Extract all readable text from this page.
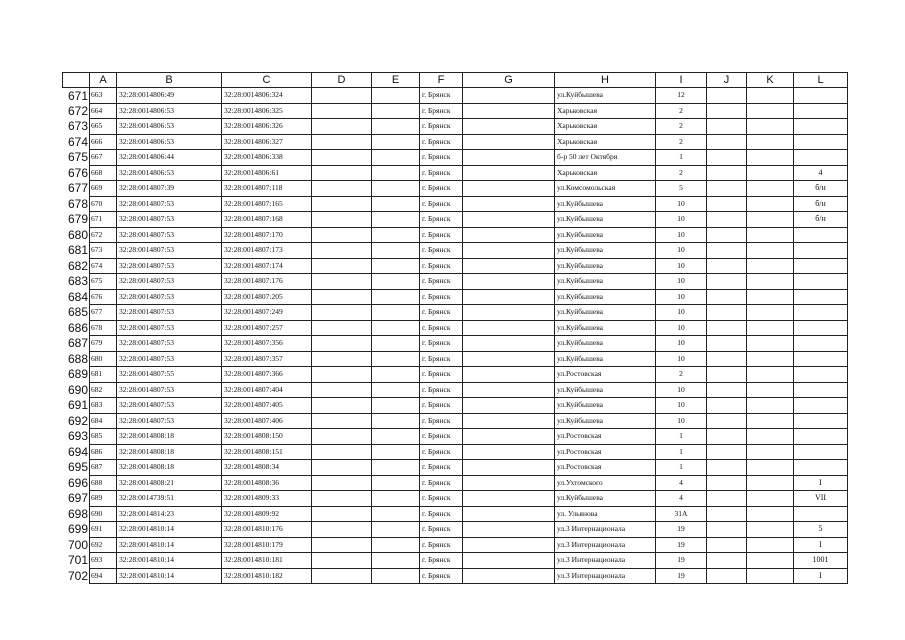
	A	B	C	D	E	F	G	H	I	J	K	L
671	663	32:28:0014806:49	32:28:0014806:324			г. Брянск		ул.Куйбышева	12			
672	664	32:28:0014806:53	32:28:0014806:325			г. Брянск		Харьковская	2			
673	665	32:28:0014806:53	32:28:0014806:326			г. Брянск		Харьковская	2			
674	666	32:28:0014806:53	32:28:0014806:327			г. Брянск		Харьковская	2			
675	667	32:28:0014806:44	32:28:0014806:338			г. Брянск		б-р 50 лет Октября	1			
676	668	32:28:0014806:53	32:28:0014806:61			г. Брянск		Харьковская	2			4
677	669	32:28:0014807:39	32:28:0014807:118			г. Брянск		ул.Комсомольская	5			б/н
678	670	32:28:0014807:53	32:28:0014807:165			г. Брянск		ул.Куйбышева	10			б/н
679	671	32:28:0014807:53	32:28:0014807:168			г. Брянск		ул.Куйбышева	10			б/н
680	672	32:28:0014807:53	32:28:0014807:170			г. Брянск		ул.Куйбышева	10			
681	673	32:28:0014807:53	32:28:0014807:173			г. Брянск		ул.Куйбышева	10			
682	674	32:28:0014807:53	32:28:0014807:174			г. Брянск		ул.Куйбышева	10			
683	675	32:28:0014807:53	32:28:0014807:176			г. Брянск		ул.Куйбышева	10			
684	676	32:28:0014807:53	32:28:0014807:205			г. Брянск		ул.Куйбышева	10			
685	677	32:28:0014807:53	32:28:0014807:249			г. Брянск		ул.Куйбышева	10			
686	678	32:28:0014807:53	32:28:0014807:257			г. Брянск		ул.Куйбышева	10			
687	679	32:28:0014807:53	32:28:0014807:356			г. Брянск		ул.Куйбышева	10			
688	680	32:28:0014807:53	32:28:0014807:357			г. Брянск		ул.Куйбышева	10			
689	681	32:28:0014807:55	32:28:0014807:366			г. Брянск		ул.Ростовская	2			
690	682	32:28:0014807:53	32:28:0014807:404			г. Брянск		ул.Куйбышева	10			
691	683	32:28:0014807:53	32:28:0014807:405			г. Брянск		ул.Куйбышева	10			
692	684	32:28:0014807:53	32:28:0014807:406			г. Брянск		ул.Куйбышева	10			
693	685	32:28:0014808:18	32:28:0014808:150			г. Брянск		ул.Ростовская	1			
694	686	32:28:0014808:18	32:28:0014808:151			г. Брянск		ул.Ростовская	1			
695	687	32:28:0014808:18	32:28:0014808:34			г. Брянск		ул.Ростовская	1			
696	688	32:28:0014808:21	32:28:0014808:36			г. Брянск		ул.Ухтомского	4			I
697	689	32:28:0014739:51	32:28:0014809:33			г. Брянск		ул.Куйбышева	4			VII
698	690	32:28:0014814:23	32:28:0014809:92			г. Брянск		ул. Ульянова	31А			
699	691	32:28:0014810:14	32:28:0014810:176			г. Брянск		ул.3 Интернационала	19			5
700	692	32:28:0014810:14	32:28:0014810:179			г. Брянск		ул.3 Интернационала	19			I
701	693	32:28:0014810:14	32:28:0014810:181			г. Брянск		ул.3 Интернационала	19			1001
702	694	32:28:0014810:14	32:28:0014810:182			г. Брянск		ул.3 Интернационала	19			I
